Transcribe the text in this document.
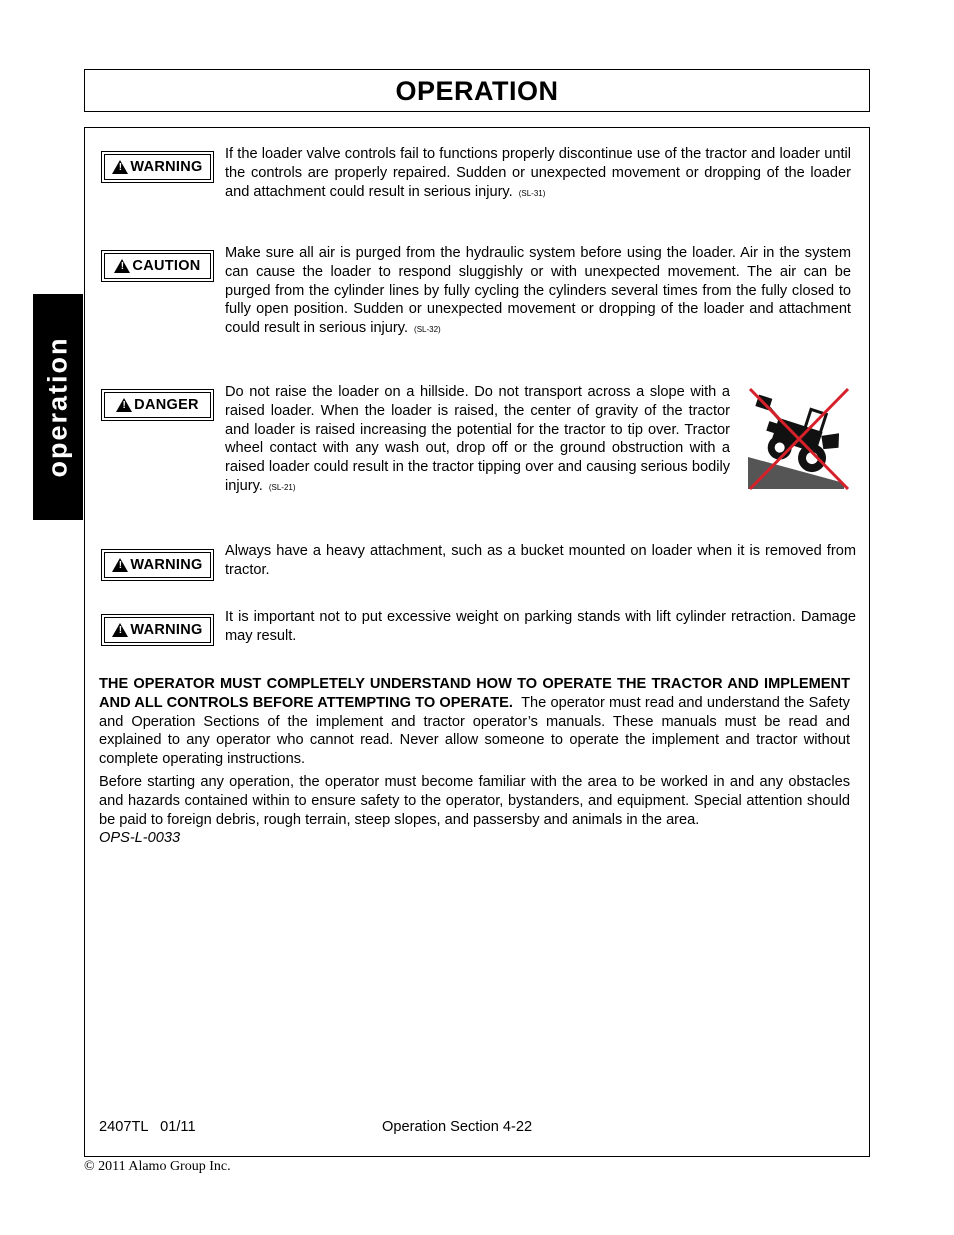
OPERATION
operation
! WARNING
If the loader valve controls fail to functions properly discontinue use of the tractor and loader until the controls are properly repaired. Sudden or unexpected movement or dropping of the loader and attachment could result in serious injury. (SL-31)
! CAUTION
Make sure all air is purged from the hydraulic system before using the loader. Air in the system can cause the loader to respond sluggishly or with unexpected movement. The air can be purged from the cylinder lines by fully cycling the cylinders several times from the fully closed to fully open position. Sudden or unexpected movement or dropping of the loader and attachment could result in serious injury. (SL-32)
! DANGER
Do not raise the loader on a hillside. Do not transport across a slope with a raised loader. When the loader is raised, the center of gravity of the tractor and loader is raised increasing the potential for the tractor to tip over. Tractor wheel contact with any wash out, drop off or the ground obstruction with a raised loader could result in the tractor tipping over and causing serious bodily injury. (SL-21)
! WARNING
Always have a heavy attachment, such as a bucket mounted on loader when it is removed from tractor.
! WARNING
It is important not to put excessive weight on parking stands with lift cylinder retraction. Damage may result.
THE OPERATOR MUST COMPLETELY UNDERSTAND HOW TO OPERATE THE TRACTOR AND IMPLEMENT AND ALL CONTROLS BEFORE ATTEMPTING TO OPERATE. The operator must read and understand the Safety and Operation Sections of the implement and tractor operator’s manuals. These manuals must be read and explained to any operator who cannot read. Never allow someone to operate the implement and tractor without complete operating instructions.
Before starting any operation, the operator must become familiar with the area to be worked in and any obstacles and hazards contained within to ensure safety to the operator, bystanders, and equipment. Special attention should be paid to foreign debris, rough terrain, steep slopes, and passersby and animals in the area.
OPS-L-0033
2407TL   01/11	Operation Section 4-22
© 2011 Alamo Group Inc.
